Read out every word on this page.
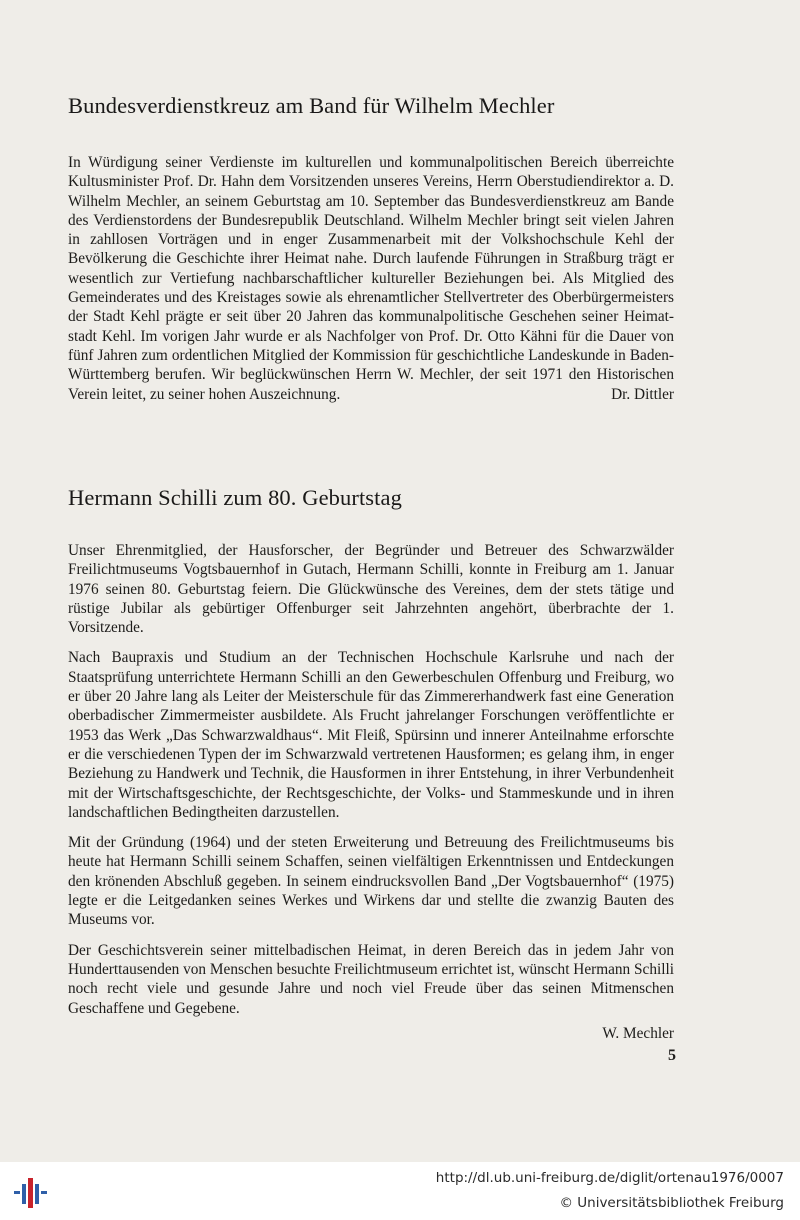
Bundesverdienstkreuz am Band für Wilhelm Mechler

In Würdigung seiner Verdienste im kulturellen und kommunalpolitischen Bereich überreichte Kultusminister Prof. Dr. Hahn dem Vorsitzenden unseres Vereins, Herrn Oberstudiendirektor a. D. Wilhelm Mechler, an seinem Geburtstag am 10. September das Bundesverdienstkreuz am Bande des Verdienstordens der Bundesrepublik Deutschland. Wilhelm Mechler bringt seit vielen Jahren in zahllosen Vorträgen und in enger Zusammenarbeit mit der Volkshochschule Kehl der Bevölkerung die Geschichte ihrer Heimat nahe. Durch laufende Führungen in Straßburg trägt er wesentlich zur Vertiefung nachbarschaftlicher kultureller Beziehungen bei. Als Mitglied des Gemeinderates und des Kreistages sowie als ehrenamtlicher Stellvertreter des Oberbürgermeisters der Stadt Kehl prägte er seit über 20 Jahren das kommunalpolitische Geschehen seiner Heimatstadt Kehl. Im vorigen Jahr wurde er als Nachfolger von Prof. Dr. Otto Kähni für die Dauer von fünf Jahren zum ordentlichen Mitglied der Kommission für geschichtliche Landeskunde in Baden-Württemberg berufen. Wir beglückwünschen Herrn W. Mechler, der seit 1971 den Historischen Verein leitet, zu seiner hohen Auszeichnung.	Dr. Dittler
Hermann Schilli zum 80. Geburtstag

Unser Ehrenmitglied, der Hausforscher, der Begründer und Betreuer des Schwarzwälder Freilichtmuseums Vogtsbauernhof in Gutach, Hermann Schilli, konnte in Freiburg am 1. Januar 1976 seinen 80. Geburtstag feiern. Die Glückwünsche des Vereines, dem der stets tätige und rüstige Jubilar als gebürtiger Offenburger seit Jahrzehnten angehört, überbrachte der 1. Vorsitzende.

Nach Baupraxis und Studium an der Technischen Hochschule Karlsruhe und nach der Staatsprüfung unterrichtete Hermann Schilli an den Gewerbeschulen Offenburg und Freiburg, wo er über 20 Jahre lang als Leiter der Meisterschule für das Zimmererhandwerk fast eine Generation oberbadischer Zimmermeister ausbildete. Als Frucht jahrelanger Forschungen veröffentlichte er 1953 das Werk „Das Schwarzwaldhaus“. Mit Fleiß, Spürsinn und innerer Anteilnahme erforschte er die verschiedenen Typen der im Schwarzwald vertretenen Hausformen; es gelang ihm, in enger Beziehung zu Handwerk und Technik, die Hausformen in ihrer Entstehung, in ihrer Verbundenheit mit der Wirtschaftsgeschichte, der Rechtsgeschichte, der Volks- und Stammeskunde und in ihren landschaftlichen Bedingtheiten darzustellen.

Mit der Gründung (1964) und der steten Erweiterung und Betreuung des Freilichtmuseums bis heute hat Hermann Schilli seinem Schaffen, seinen vielfältigen Erkenntnissen und Entdeckungen den krönenden Abschluß gegeben. In seinem eindrucksvollen Band „Der Vogtsbauernhof“ (1975) legte er die Leitgedanken seines Werkes und Wirkens dar und stellte die zwanzig Bauten des Museums vor.

Der Geschichtsverein seiner mittelbadischen Heimat, in deren Bereich das in jedem Jahr von Hunderttausenden von Menschen besuchte Freilichtmuseum errichtet ist, wünscht Hermann Schilli noch recht viele und gesunde Jahre und noch viel Freude über das seinen Mitmenschen Geschaffene und Gegebene.

W. Mechler
5
http://dl.ub.uni-freiburg.de/diglit/ortenau1976/0007
© Universitätsbibliothek Freiburg
